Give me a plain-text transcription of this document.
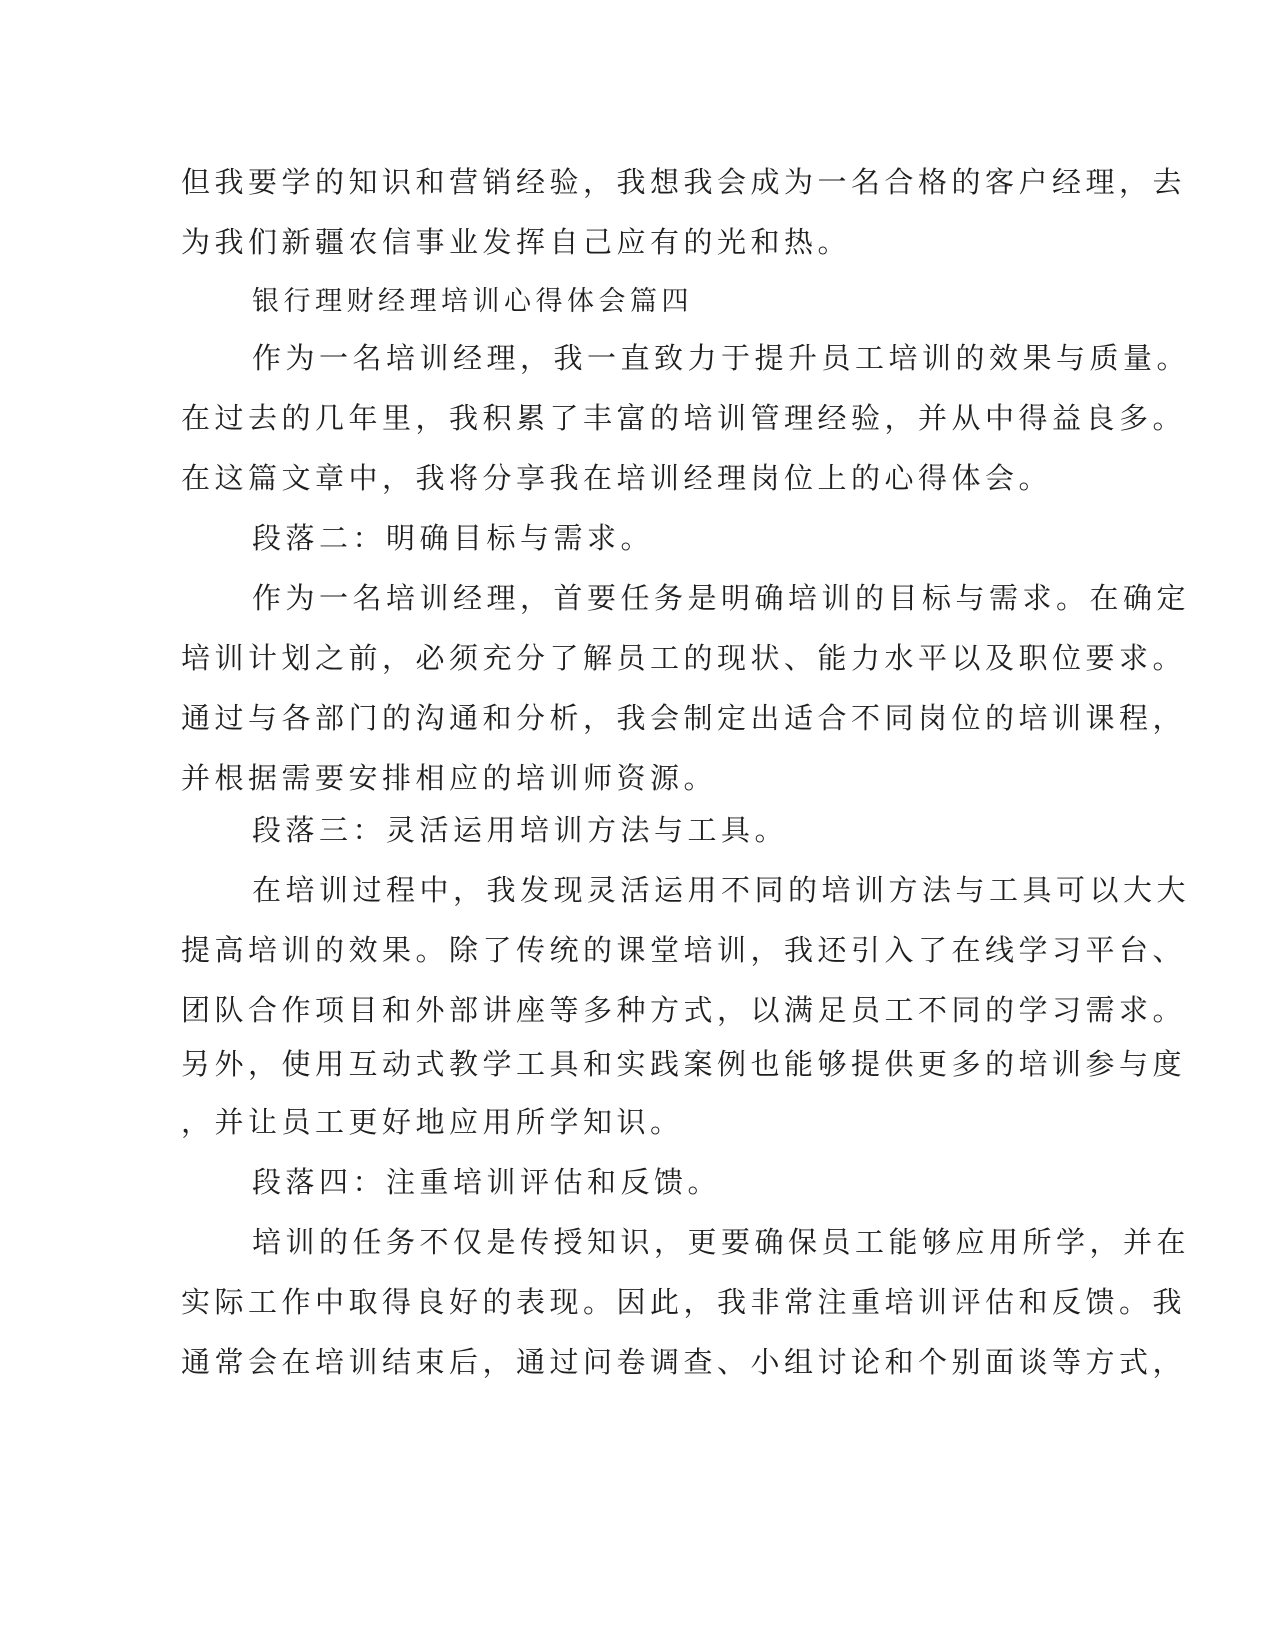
但我要学的知识和营销经验，我想我会成为一名合格的客户经理，去
为我们新疆农信事业发挥自己应有的光和热。
银行理财经理培训心得体会篇四
作为一名培训经理，我一直致力于提升员工培训的效果与质量。
在过去的几年里，我积累了丰富的培训管理经验，并从中得益良多。
在这篇文章中，我将分享我在培训经理岗位上的心得体会。
段落二：明确目标与需求。
作为一名培训经理，首要任务是明确培训的目标与需求。在确定
培训计划之前，必须充分了解员工的现状、能力水平以及职位要求。
通过与各部门的沟通和分析，我会制定出适合不同岗位的培训课程，
并根据需要安排相应的培训师资源。
段落三：灵活运用培训方法与工具。
在培训过程中，我发现灵活运用不同的培训方法与工具可以大大
提高培训的效果。除了传统的课堂培训，我还引入了在线学习平台、
团队合作项目和外部讲座等多种方式，以满足员工不同的学习需求。
另外，使用互动式教学工具和实践案例也能够提供更多的培训参与度
，并让员工更好地应用所学知识。
段落四：注重培训评估和反馈。
培训的任务不仅是传授知识，更要确保员工能够应用所学，并在
实际工作中取得良好的表现。因此，我非常注重培训评估和反馈。我
通常会在培训结束后，通过问卷调查、小组讨论和个别面谈等方式，
